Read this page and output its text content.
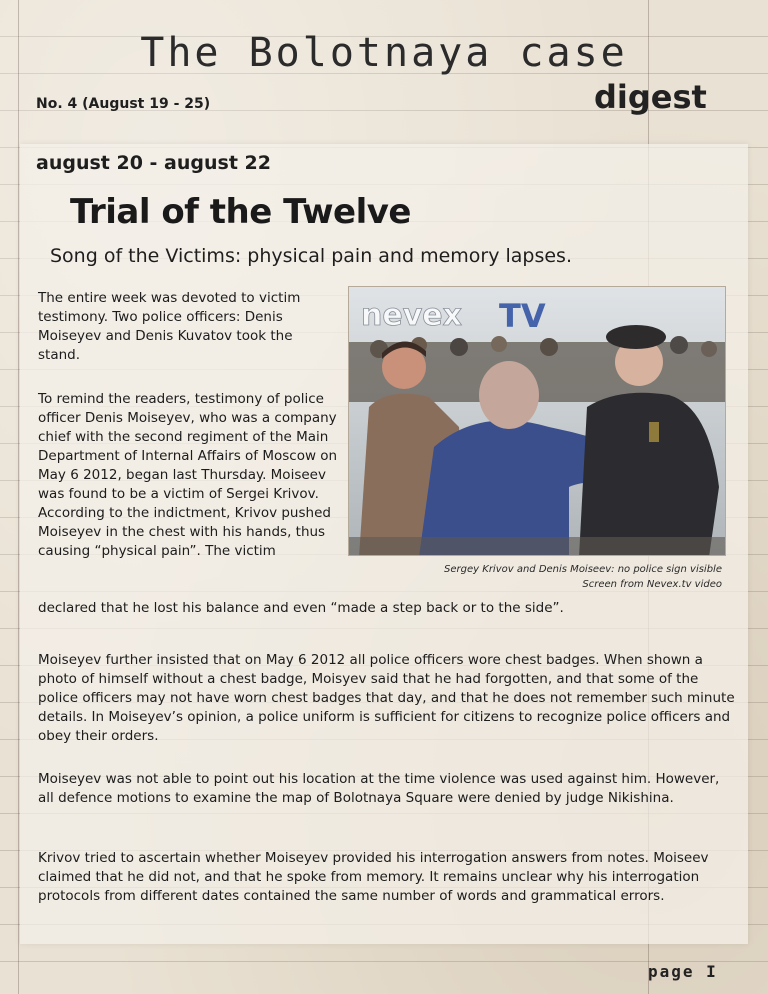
The Bolotnaya case
No. 4 (August 19 - 25)	digest
august 20 - august 22
Trial of the Twelve
Song of the Victims: physical pain and memory lapses.

The entire week was devoted to victim testimony. Two police officers: Denis Moiseyev and Denis Kuvatov took the stand.

To remind the readers, testimony of police officer Denis Moiseyev, who was a company chief with the second regiment of the Main Department of Internal Affairs of Moscow on May 6 2012, began last Thursday. Moiseev was found to be a victim of Sergei Krivov. According to the indictment, Krivov pushed Moiseyev in the chest with his hands, thus causing “physical pain”. The victim

declared that he lost his balance and even “made a step back or to the side”.

nevex TV
Sergey Krivov and Denis Moiseev: no police sign visible
Screen from Nevex.tv video

Moiseyev further insisted that on May 6 2012 all police officers wore chest badges. When shown a photo of himself without a chest badge, Moisyev said that he had forgotten, and that some of the police officers may not have worn chest badges that day, and that he does not remember such minute details. In Moiseyev’s opinion, a police uniform is sufficient for citizens to recognize police officers and obey their orders.

Moiseyev was not able to point out his location at the time violence was used against him. However, all defence motions to examine the map of Bolotnaya Square were denied by judge Nikishina.

Krivov tried to ascertain whether Moiseyev provided his interrogation answers from notes. Moiseev claimed that he did not, and that he spoke from memory. It remains unclear why his interrogation protocols from different dates contained the same number of words and grammatical errors.

page I
